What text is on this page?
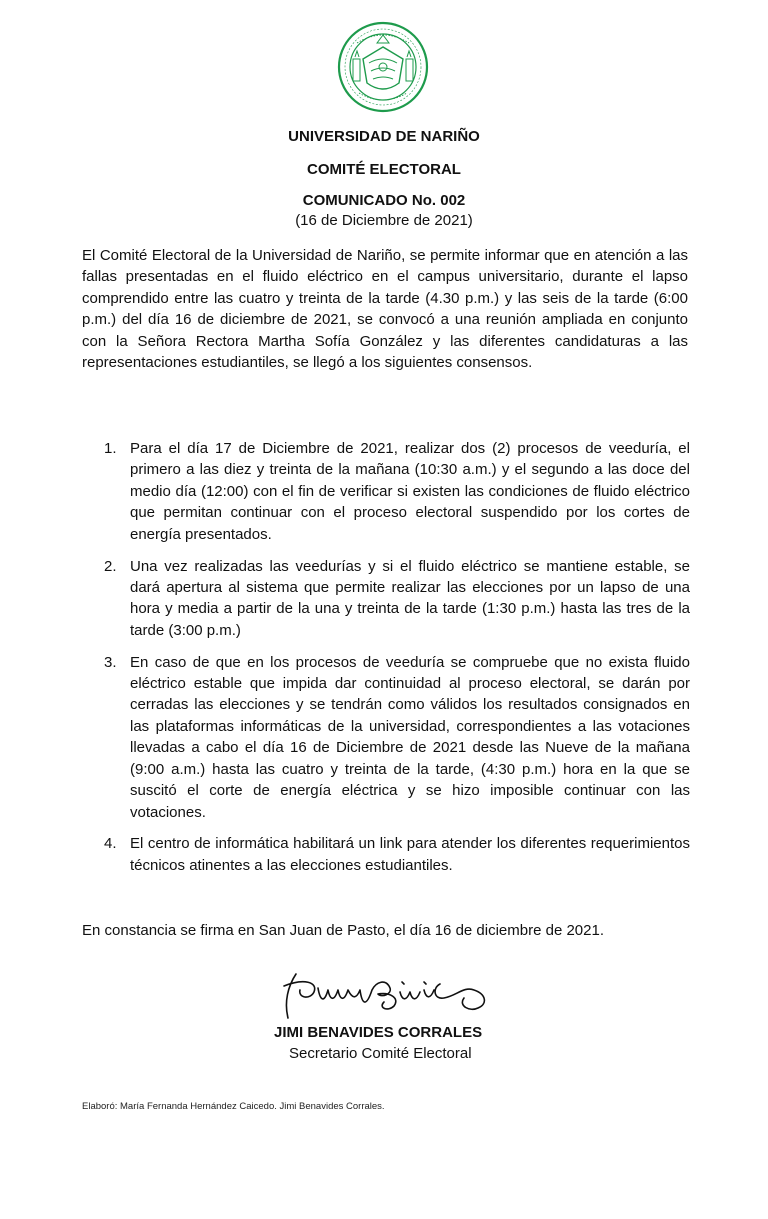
UNIVERSIDAD DE NARIÑO
COMITÉ ELECTORAL
COMUNICADO No. 002
(16 de Diciembre de 2021)

El Comité Electoral de la Universidad de Nariño, se permite informar que en atención a las fallas presentadas en el fluido eléctrico en el campus universitario, durante el lapso comprendido entre las cuatro y treinta de la tarde (4.30 p.m.) y las seis de la tarde (6:00 p.m.) del día 16 de diciembre de 2021, se convocó a una reunión ampliada en conjunto con la Señora Rectora Martha Sofía González y las diferentes candidaturas a las representaciones estudiantiles, se llegó a los siguientes consensos.

1. Para el día 17 de Diciembre de 2021, realizar dos (2) procesos de veeduría, el primero a las diez y treinta de la mañana (10:30 a.m.) y el segundo a las doce del medio día (12:00) con el fin de verificar si existen las condiciones de fluido eléctrico que permitan continuar con el proceso electoral suspendido por los cortes de energía presentados.
2. Una vez realizadas las veedurías y si el fluido eléctrico se mantiene estable, se dará apertura al sistema que permite realizar las elecciones por un lapso de una hora y media a partir de la una y treinta de la tarde (1:30 p.m.) hasta las tres de la tarde (3:00 p.m.)
3. En caso de que en los procesos de veeduría se compruebe que no exista fluido eléctrico estable que impida dar continuidad al proceso electoral, se darán por cerradas las elecciones y se tendrán como válidos los resultados consignados en las plataformas informáticas de la universidad, correspondientes a las votaciones llevadas a cabo el día 16 de Diciembre de 2021 desde las Nueve de la mañana (9:00 a.m.) hasta las cuatro y treinta de la tarde, (4:30 p.m.) hora en la que se suscitó el corte de energía eléctrica y se hizo imposible continuar con las votaciones.
4. El centro de informática habilitará un link para atender los diferentes requerimientos técnicos atinentes a las elecciones estudiantiles.

En constancia se firma en San Juan de Pasto, el día 16 de diciembre de 2021.

JIMI BENAVIDES CORRALES
Secretario Comité Electoral
Elaboró: María Fernanda Hernández Caicedo. Jimi Benavides Corrales.
